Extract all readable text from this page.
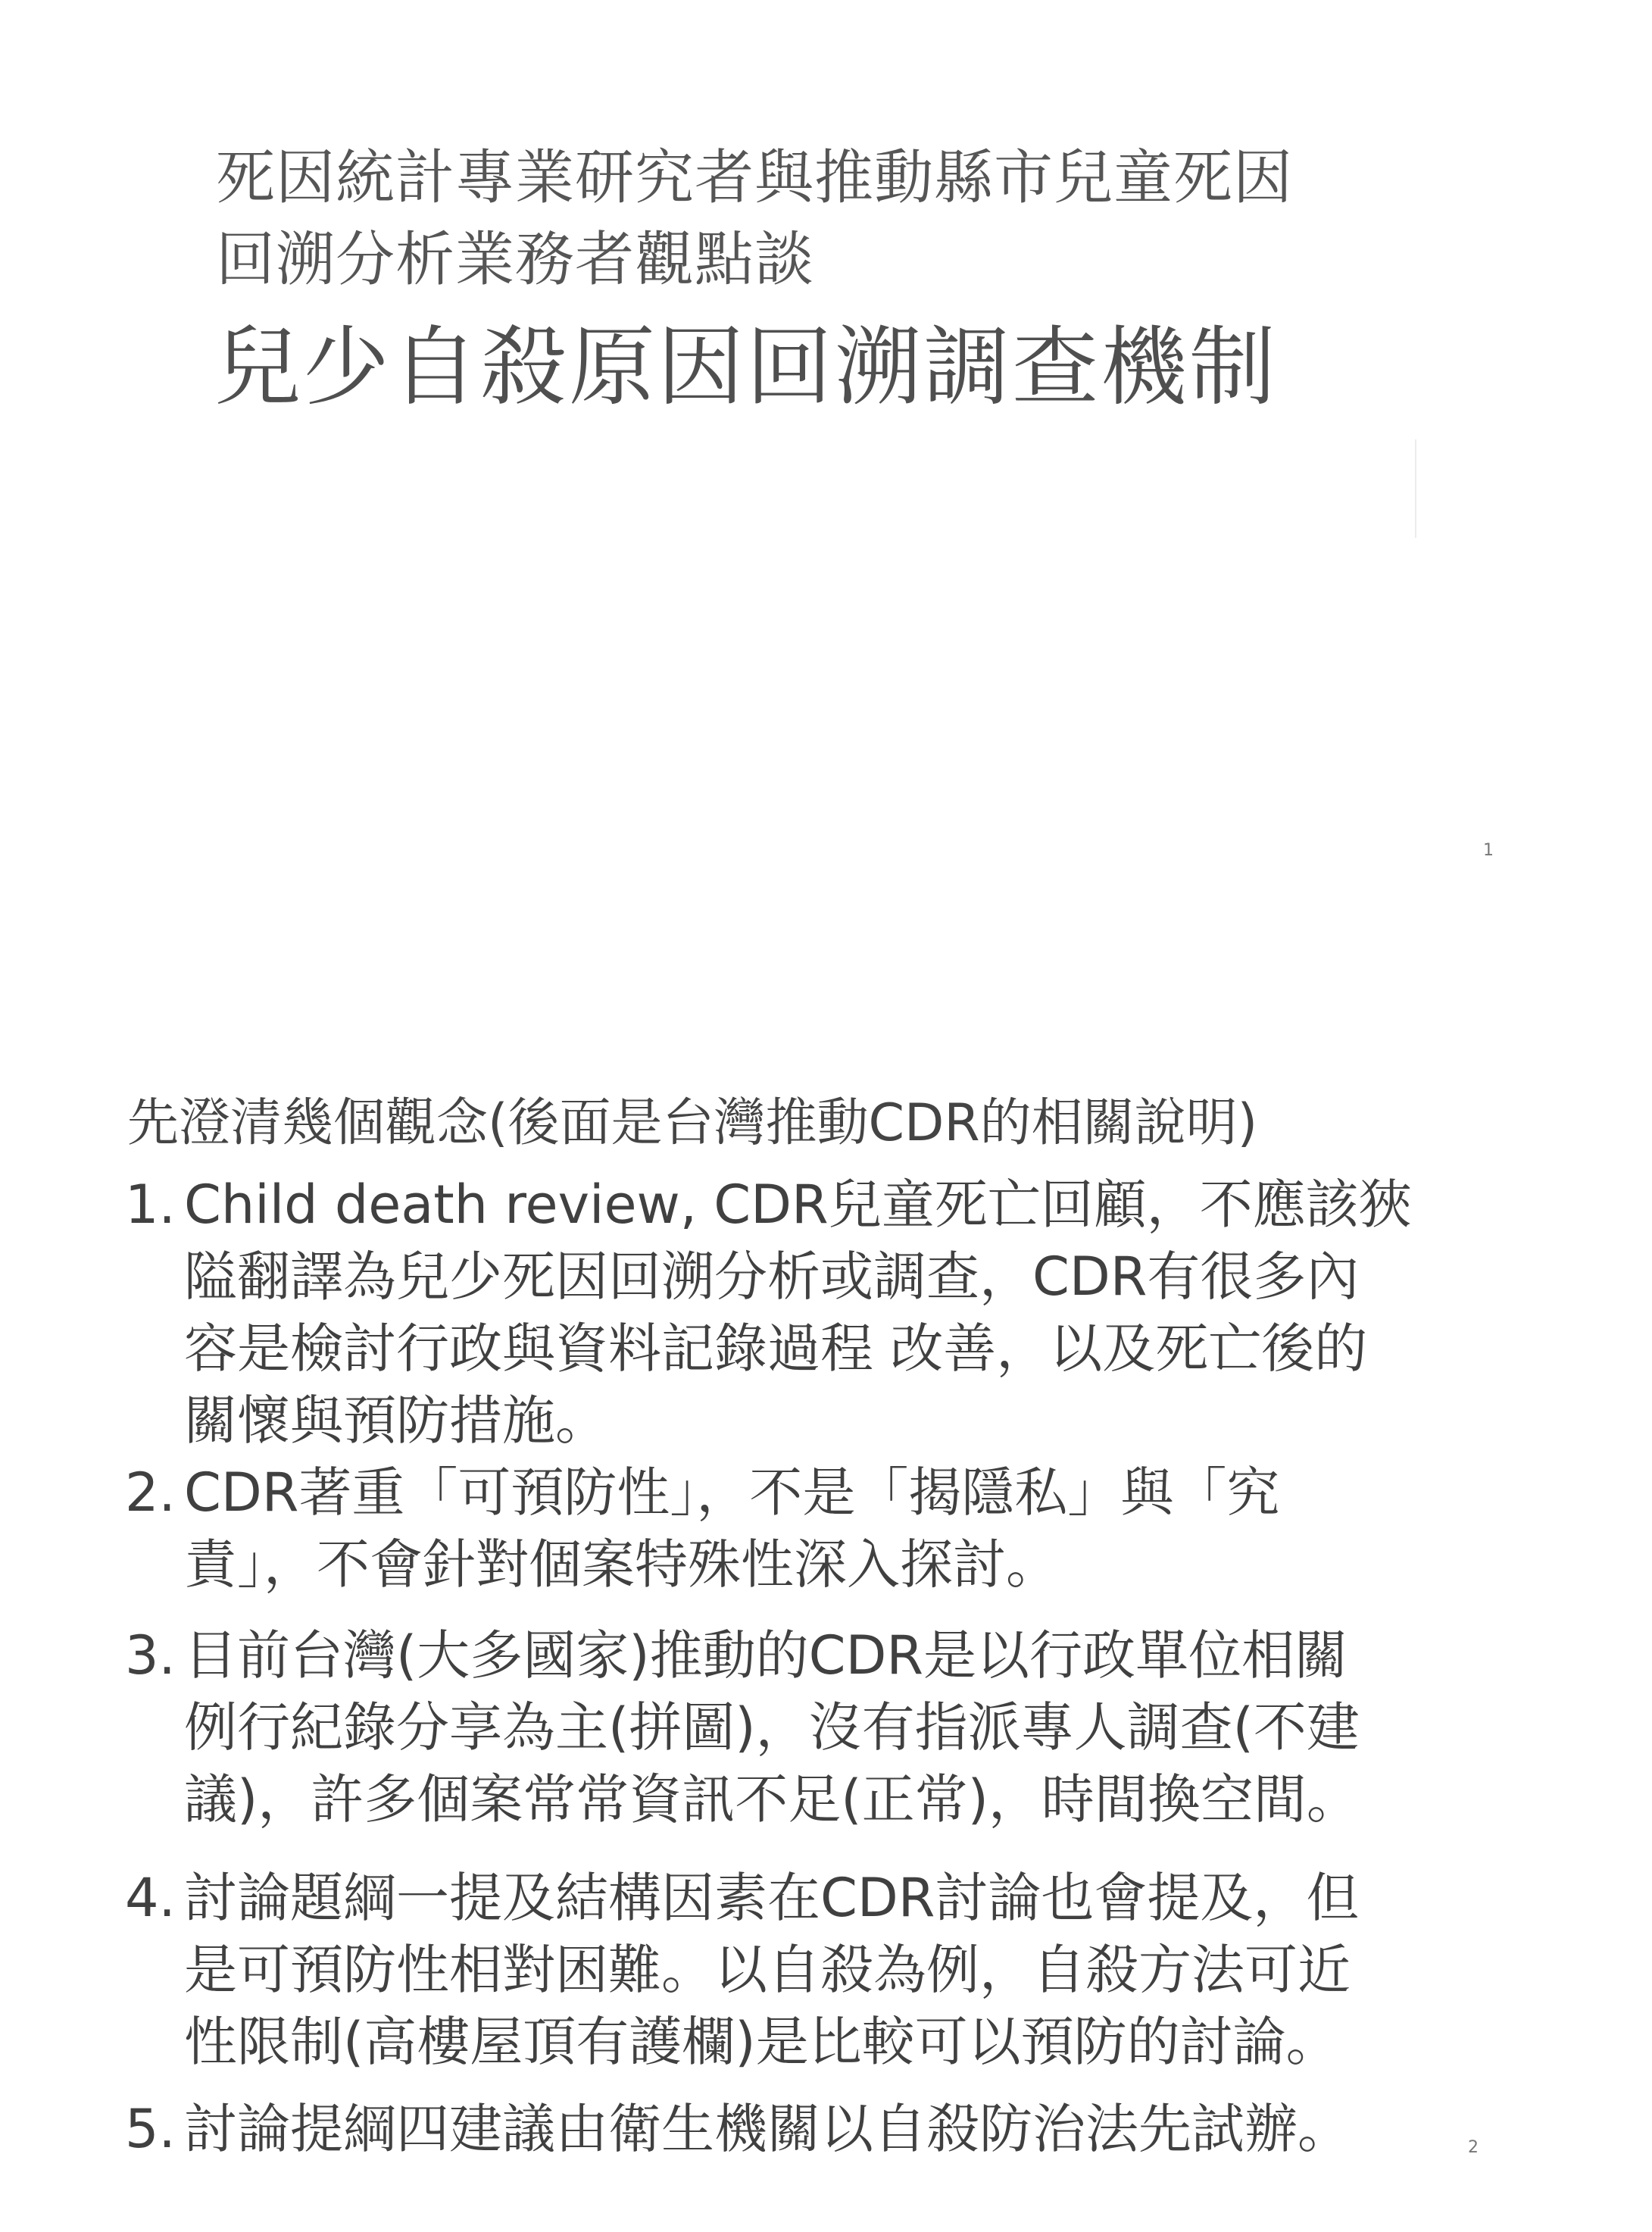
死因統計專業研究者與推動縣市兒童死因
回溯分析業務者觀點談
兒少自殺原因回溯調查機制
1
先澄清幾個觀念(後面是台灣推動CDR的相關說明)
1. Child death review, CDR兒童死亡回顧，不應該狹
隘翻譯為兒少死因回溯分析或調查，CDR有很多內
容是檢討行政與資料記錄過程 改善，以及死亡後的
關懷與預防措施。
2. CDR著重「可預防性」，不是「揭隱私」與「究
責」，不會針對個案特殊性深入探討。
3. 目前台灣(大多國家)推動的CDR是以行政單位相關
例行紀錄分享為主(拼圖)，沒有指派專人調查(不建
議)，許多個案常常資訊不足(正常)，時間換空間。
4. 討論題綱一提及結構因素在CDR討論也會提及，但
是可預防性相對困難。以自殺為例，自殺方法可近
性限制(高樓屋頂有護欄)是比較可以預防的討論。
5. 討論提綱四建議由衛生機關以自殺防治法先試辦。	2
